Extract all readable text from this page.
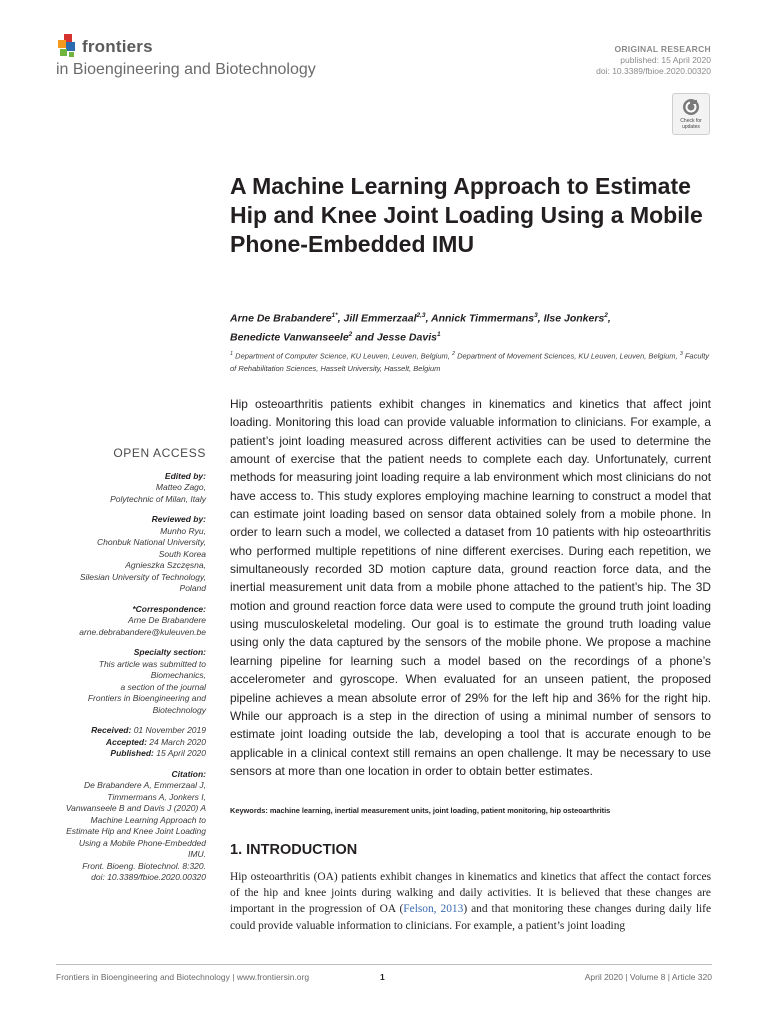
frontiers
in Bioengineering and Biotechnology
ORIGINAL RESEARCH
published: 15 April 2020
doi: 10.3389/fbioe.2020.00320
Check for
updates
A Machine Learning Approach to Estimate Hip and Knee Joint Loading Using a Mobile Phone-Embedded IMU
Arne De Brabandere$^{1*}$, Jill Emmerzaal$^{2,3}$, Annick Timmermans$^3$, Ilse Jonkers$^2$,
Benedicte Vanwanseele$^2$ and Jesse Davis$^1$
$^1$ Department of Computer Science, KU Leuven, Leuven, Belgium, $^2$ Department of Movement Sciences, KU Leuven, Leuven, Belgium, $^3$ Faculty of Rehabilitation Sciences, Hasselt University, Hasselt, Belgium
Hip osteoarthritis patients exhibit changes in kinematics and kinetics that affect joint loading. Monitoring this load can provide valuable information to clinicians. For example, a patient’s joint loading measured across different activities can be used to determine the amount of exercise that the patient needs to complete each day. Unfortunately, current methods for measuring joint loading require a lab environment which most clinicians do not have access to. This study explores employing machine learning to construct a model that can estimate joint loading based on sensor data obtained solely from a mobile phone. In order to learn such a model, we collected a dataset from 10 patients with hip osteoarthritis who performed multiple repetitions of nine different exercises. During each repetition, we simultaneously recorded 3D motion capture data, ground reaction force data, and the inertial measurement unit data from a mobile phone attached to the patient’s hip. The 3D motion and ground reaction force data were used to compute the ground truth joint loading using musculoskeletal modeling. Our goal is to estimate the ground truth loading value using only the data captured by the sensors of the mobile phone. We propose a machine learning pipeline for learning such a model based on the recordings of a phone’s accelerometer and gyroscope. When evaluated for an unseen patient, the proposed pipeline achieves a mean absolute error of 29% for the left hip and 36% for the right hip. While our approach is a step in the direction of using a minimal number of sensors to estimate joint loading outside the lab, developing a tool that is accurate enough to be applicable in a clinical context still remains an open challenge. It may be necessary to use sensors at more than one location in order to obtain better estimates.
Keywords: machine learning, inertial measurement units, joint loading, patient monitoring, hip osteoarthritis
1. INTRODUCTION
Hip osteoarthritis (OA) patients exhibit changes in kinematics and kinetics that affect the contact forces of the hip and knee joints during walking and daily activities. It is believed that these changes are important in the progression of OA (Felson, 2013) and that monitoring these changes during daily life could provide valuable information to clinicians. For example, a patient’s joint loading
OPEN ACCESS
Edited by:
Matteo Zago,
Polytechnic of Milan, Italy
Reviewed by:
Munho Ryu,
Chonbuk National University,
South Korea
Agnieszka Szczęsna,
Silesian University of Technology,
Poland
*Correspondence:
Arne De Brabandere
arne.debrabandere@kuleuven.be
Specialty section:
This article was submitted to
Biomechanics,
a section of the journal
Frontiers in Bioengineering and
Biotechnology
Received: 01 November 2019
Accepted: 24 March 2020
Published: 15 April 2020
Citation:
De Brabandere A, Emmerzaal J,
Timmermans A, Jonkers I,
Vanwanseele B and Davis J (2020) A
Machine Learning Approach to
Estimate Hip and Knee Joint Loading
Using a Mobile Phone-Embedded
IMU.
Front. Bioeng. Biotechnol. 8:320.
doi: 10.3389/fbioe.2020.00320
Frontiers in Bioengineering and Biotechnology | www.frontiersin.org	1	April 2020 | Volume 8 | Article 320
